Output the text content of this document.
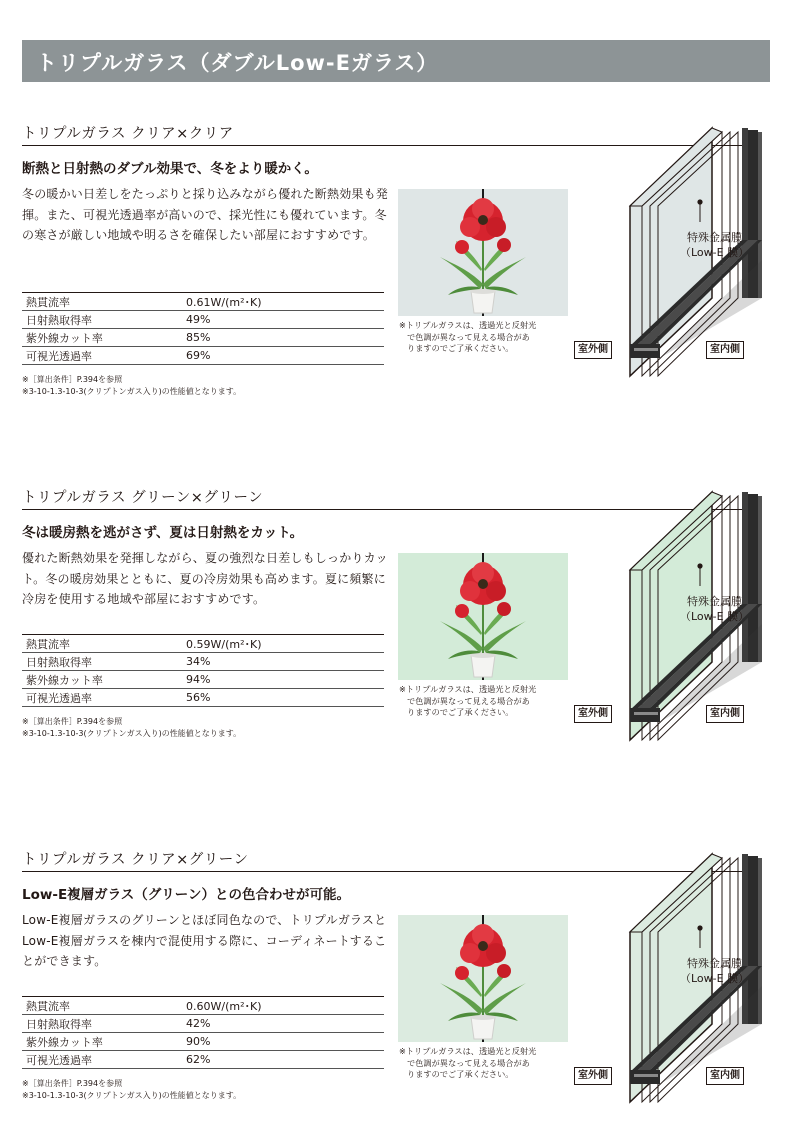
トリプルガラス（ダブルLow-Eガラス）
トリプルガラス クリア×クリア
断熱と日射熱のダブル効果で、冬をより暖かく。
冬の暖かい日差しをたっぷりと採り込みながら優れた断熱効果も発揮。また、可視光透過率が高いので、採光性にも優れています。冬の寒さが厳しい地域や明るさを確保したい部屋におすすめです。
熱貫流率	0.61W/(m²･K)
日射熱取得率	49%
紫外線カット率	85%
可視光透過率	69%
※［算出条件］P.394を参照
※3-10-1.3-10-3(クリプトンガス入り)の性能値となります。
※トリプルガラスは、透過光と反射光
で色調が異なって見える場合があ
りますのでご了承ください。
特殊金属膜
（Low-E 膜）
室外側	室内側
トリプルガラス グリーン×グリーン
冬は暖房熱を逃がさず、夏は日射熱をカット。
優れた断熱効果を発揮しながら、夏の強烈な日差しもしっかりカット。冬の暖房効果とともに、夏の冷房効果も高めます。夏に頻繁に冷房を使用する地域や部屋におすすめです。
熱貫流率	0.59W/(m²･K)
日射熱取得率	34%
紫外線カット率	94%
可視光透過率	56%
※［算出条件］P.394を参照
※3-10-1.3-10-3(クリプトンガス入り)の性能値となります。
※トリプルガラスは、透過光と反射光
で色調が異なって見える場合があ
りますのでご了承ください。
特殊金属膜
（Low-E 膜）
室外側	室内側
トリプルガラス クリア×グリーン
Low-E複層ガラス（グリーン）との色合わせが可能。
Low-E複層ガラスのグリーンとほぼ同色なので、トリプルガラスとLow-E複層ガラスを棟内で混使用する際に、コーディネートすることができます。
熱貫流率	0.60W/(m²･K)
日射熱取得率	42%
紫外線カット率	90%
可視光透過率	62%
※［算出条件］P.394を参照
※3-10-1.3-10-3(クリプトンガス入り)の性能値となります。
※トリプルガラスは、透過光と反射光
で色調が異なって見える場合があ
りますのでご了承ください。
特殊金属膜
（Low-E 膜）
室外側	室内側
